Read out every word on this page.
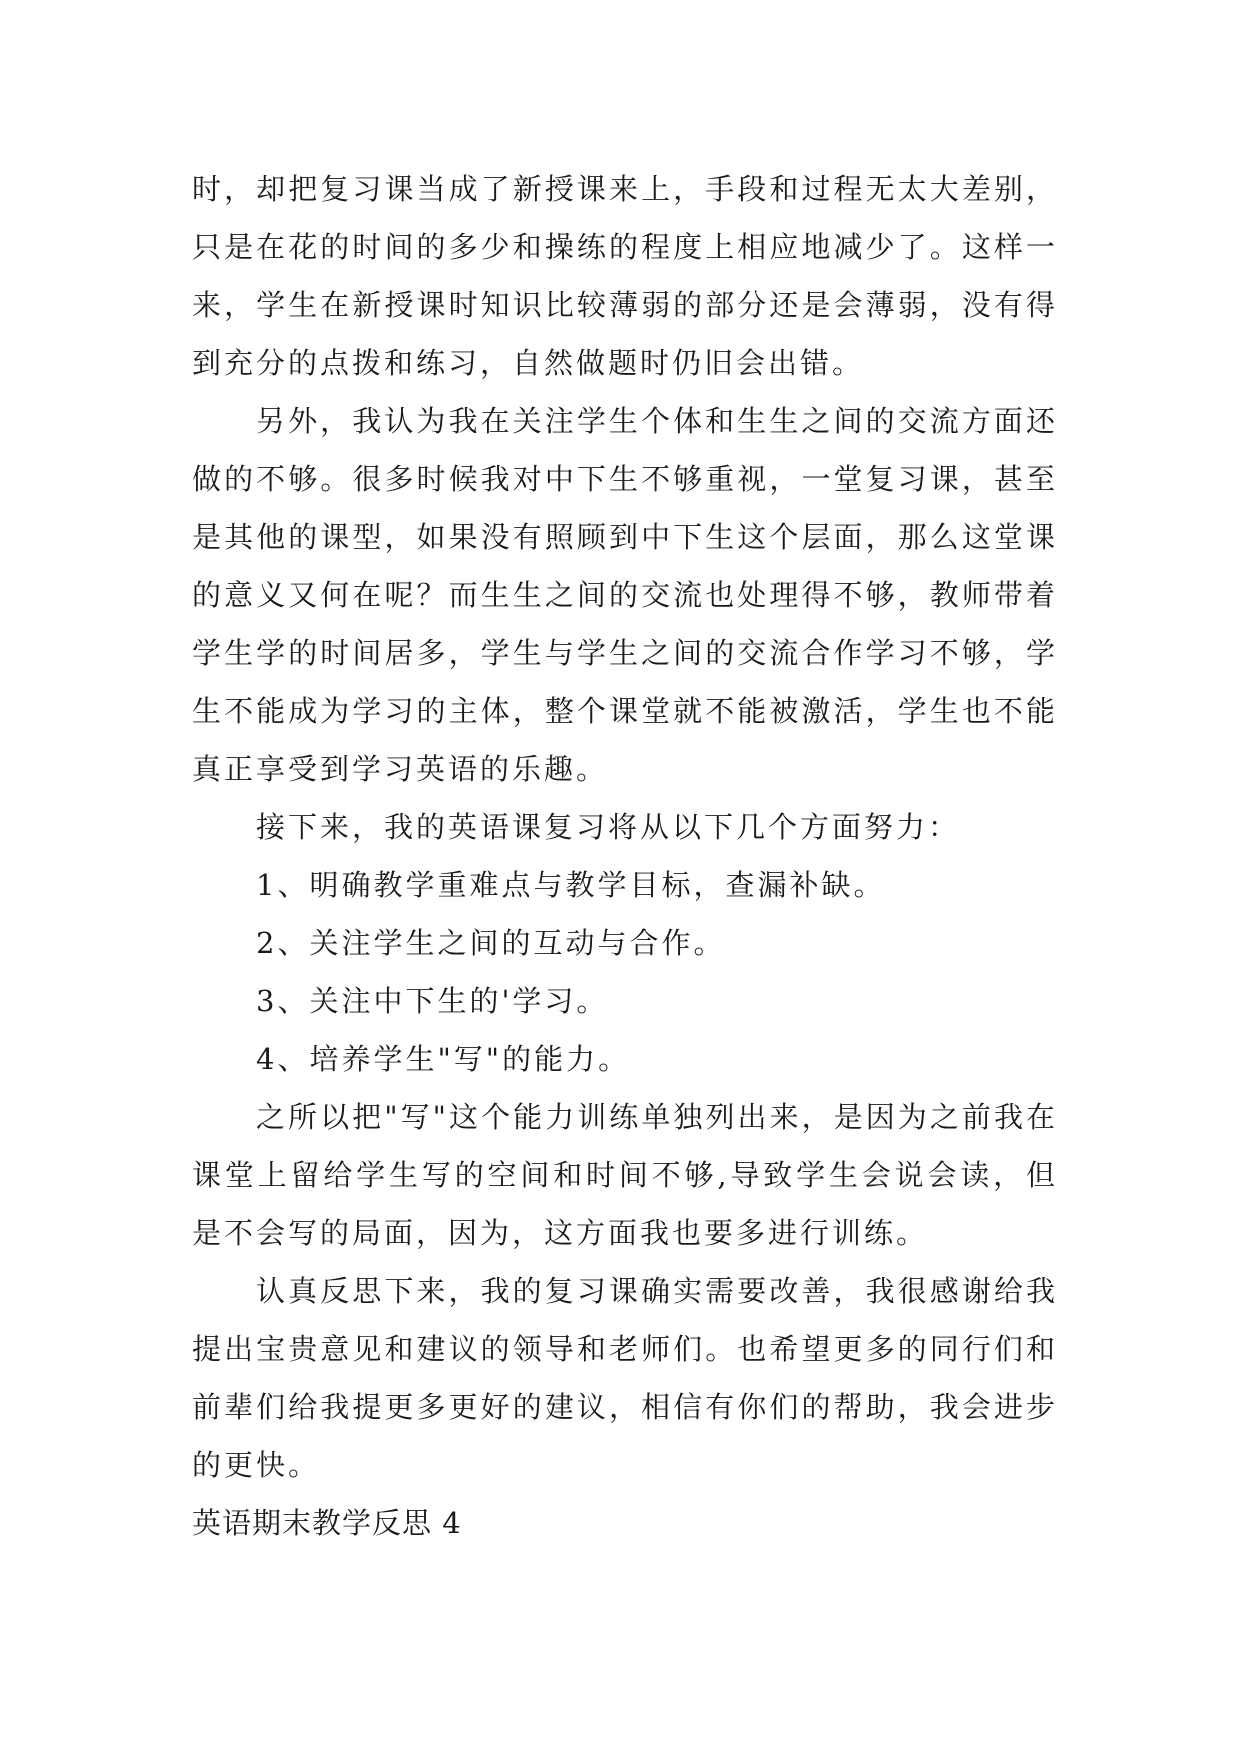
时，却把复习课当成了新授课来上，手段和过程无太大差别，只是在花的时间的多少和操练的程度上相应地减少了。这样一来，学生在新授课时知识比较薄弱的部分还是会薄弱，没有得到充分的点拨和练习，自然做题时仍旧会出错。

另外，我认为我在关注学生个体和生生之间的交流方面还做的不够。很多时候我对中下生不够重视，一堂复习课，甚至是其他的课型，如果没有照顾到中下生这个层面，那么这堂课的意义又何在呢？而生生之间的交流也处理得不够，教师带着学生学的时间居多，学生与学生之间的交流合作学习不够，学生不能成为学习的主体，整个课堂就不能被激活，学生也不能真正享受到学习英语的乐趣。

接下来，我的英语课复习将从以下几个方面努力：

1、明确教学重难点与教学目标，查漏补缺。

2、关注学生之间的互动与合作。

3、关注中下生的'学习。

4、培养学生"写"的能力。

之所以把"写"这个能力训练单独列出来，是因为之前我在课堂上留给学生写的空间和时间不够,导致学生会说会读，但是不会写的局面，因为，这方面我也要多进行训练。

认真反思下来，我的复习课确实需要改善，我很感谢给我提出宝贵意见和建议的领导和老师们。也希望更多的同行们和前辈们给我提更多更好的建议，相信有你们的帮助，我会进步的更快。

英语期末教学反思 4
